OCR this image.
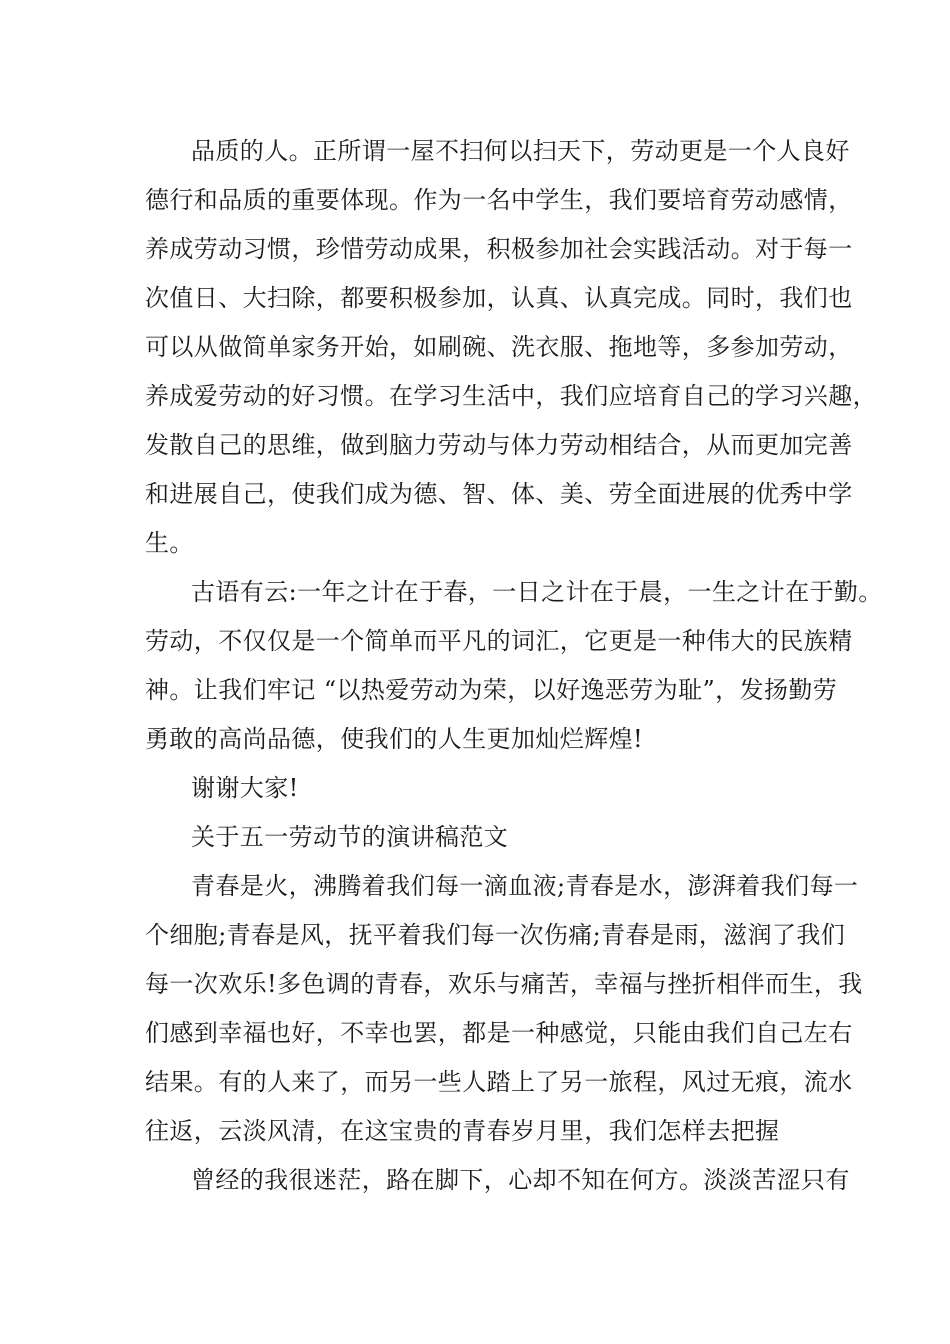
品质的人。正所谓一屋不扫何以扫天下，劳动更是一个人良好
德行和品质的重要体现。作为一名中学生，我们要培育劳动感情，
养成劳动习惯，珍惜劳动成果，积极参加社会实践活动。对于每一
次值日、大扫除，都要积极参加，认真、认真完成。同时，我们也
可以从做简单家务开始，如刷碗、洗衣服、拖地等，多参加劳动，
养成爱劳动的好习惯。在学习生活中，我们应培育自己的学习兴趣，
发散自己的思维，做到脑力劳动与体力劳动相结合，从而更加完善
和进展自己，使我们成为德、智、体、美、劳全面进展的优秀中学
生。
古语有云:一年之计在于春，一日之计在于晨，一生之计在于勤。
劳动，不仅仅是一个简单而平凡的词汇，它更是一种伟大的民族精
神。让我们牢记 “以热爱劳动为荣，以好逸恶劳为耻”，发扬勤劳
勇敢的高尚品德，使我们的人生更加灿烂辉煌!
谢谢大家!
关于五一劳动节的演讲稿范文
青春是火，沸腾着我们每一滴血液;青春是水，澎湃着我们每一
个细胞;青春是风，抚平着我们每一次伤痛;青春是雨，滋润了我们
每一次欢乐!多色调的青春，欢乐与痛苦，幸福与挫折相伴而生，我
们感到幸福也好，不幸也罢，都是一种感觉，只能由我们自己左右
结果。有的人来了，而另一些人踏上了另一旅程，风过无痕，流水
往返，云淡风清，在这宝贵的青春岁月里，我们怎样去把握
曾经的我很迷茫，路在脚下，心却不知在何方。淡淡苦涩只有
